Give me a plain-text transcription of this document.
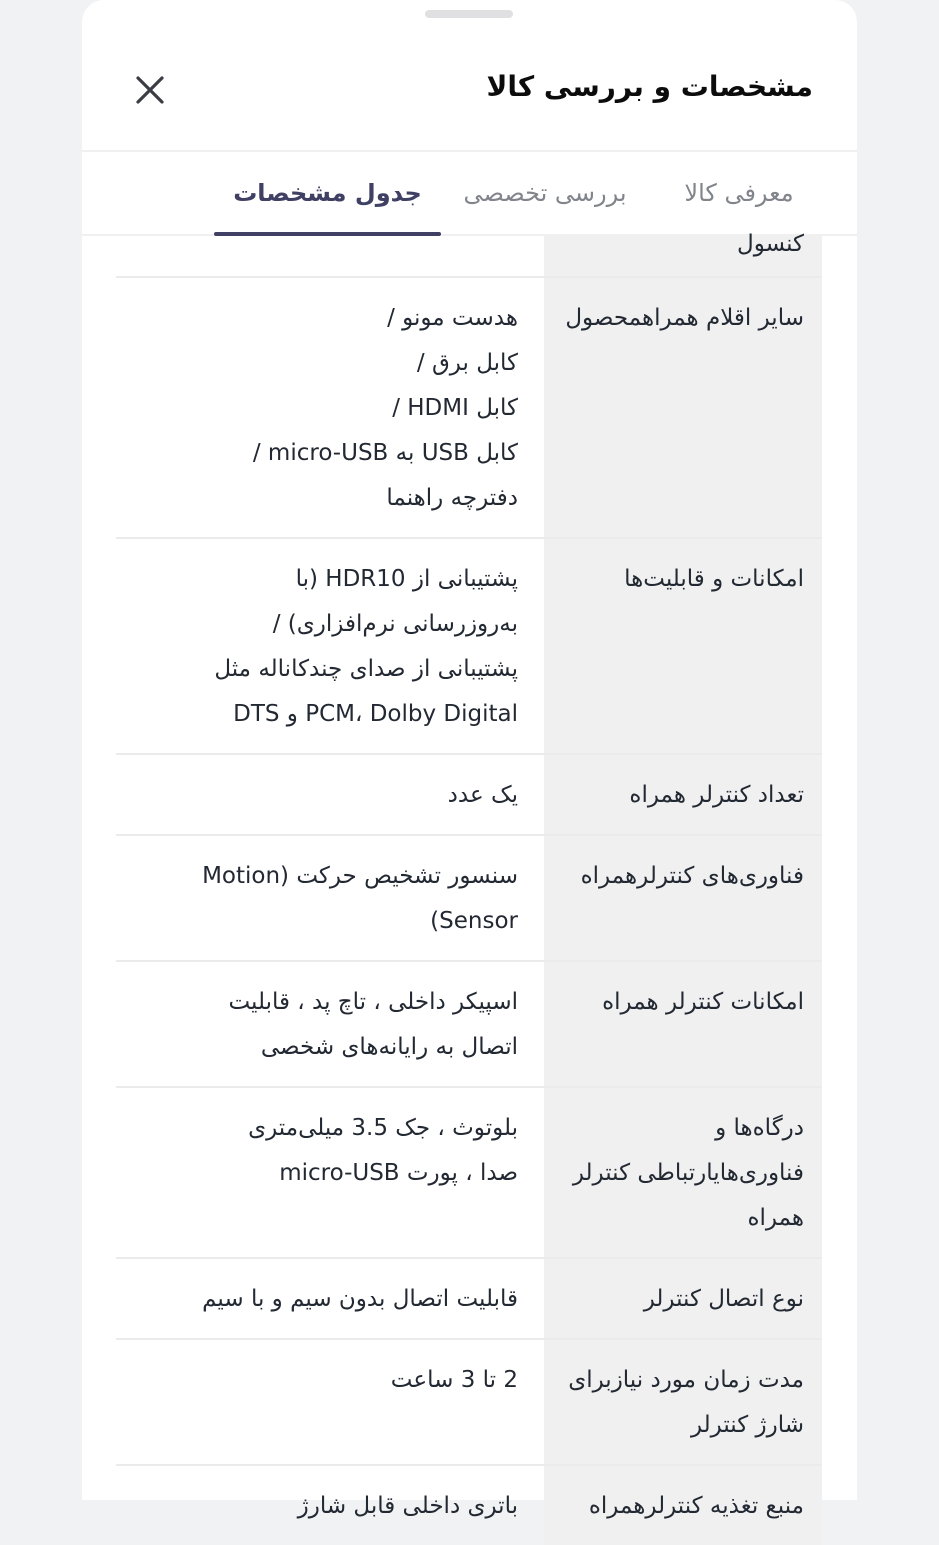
مشخصات و بررسی کالا
معرفی کالا
بررسی تخصصی
جدول مشخصات
کنسول
سایر اقلام همراهمحصول
هدست مونو /
کابل برق /
کابل HDMI /
کابل USB به micro-USB /
دفترچه راهنما
امکانات و قابلیت‌ها
پشتیبانی از HDR10 (با
به‌روزرسانی نرم‌افزاری) /
پشتیبانی از صدای چندکاناله مثل
PCM، Dolby Digital و DTS
تعداد کنترلر همراه
یک عدد
فناوری‌های کنترلرهمراه
سنسور تشخیص حرکت (Motion
Sensor)
امکانات کنترلر همراه
اسپیکر داخلی ، تاچ پد ، قابلیت
اتصال به رایانه‌های شخصی
درگاه‌ها و فناوری‌هایارتباطی کنترلر همراه
بلوتوث ، جک 3.5 میلی‌متری
صدا ، پورت micro-USB
نوع اتصال کنترلر
قابلیت اتصال بدون سیم و با سیم
مدت زمان مورد نیازبرای شارژ کنترلر
2 تا 3 ساعت
منبع تغذیه کنترلرهمراه
باتری داخلی قابل شارژ
